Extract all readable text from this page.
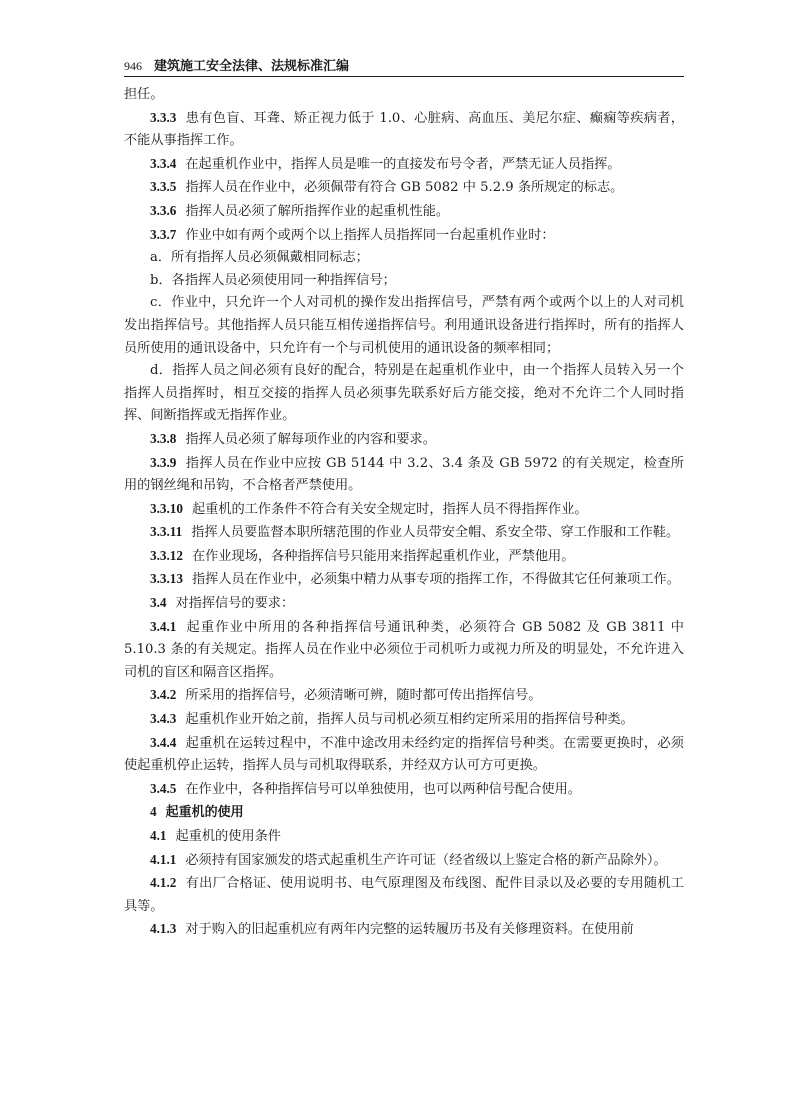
946 建筑施工安全法律、法规标准汇编

担任。

3.3.3 患有色盲、耳聋、矫正视力低于 1.0、心脏病、高血压、美尼尔症、癫痫等疾病者，不能从事指挥工作。

3.3.4 在起重机作业中，指挥人员是唯一的直接发布号令者，严禁无证人员指挥。

3.3.5 指挥人员在作业中，必须佩带有符合 GB 5082 中 5.2.9 条所规定的标志。

3.3.6 指挥人员必须了解所指挥作业的起重机性能。

3.3.7 作业中如有两个或两个以上指挥人员指挥同一台起重机作业时：

a．所有指挥人员必须佩戴相同标志；

b．各指挥人员必须使用同一种指挥信号；

c．作业中，只允许一个人对司机的操作发出指挥信号，严禁有两个或两个以上的人对司机发出指挥信号。其他指挥人员只能互相传递指挥信号。利用通讯设备进行指挥时，所有的指挥人员所使用的通讯设备中，只允许有一个与司机使用的通讯设备的频率相同；

d．指挥人员之间必须有良好的配合，特别是在起重机作业中，由一个指挥人员转入另一个指挥人员指挥时，相互交接的指挥人员必须事先联系好后方能交接，绝对不允许二个人同时指挥、间断指挥或无指挥作业。

3.3.8 指挥人员必须了解每项作业的内容和要求。

3.3.9 指挥人员在作业中应按 GB 5144 中 3.2、3.4 条及 GB 5972 的有关规定，检查所用的钢丝绳和吊钩，不合格者严禁使用。

3.3.10 起重机的工作条件不符合有关安全规定时，指挥人员不得指挥作业。

3.3.11 指挥人员要监督本职所辖范围的作业人员带安全帽、系安全带、穿工作服和工作鞋。

3.3.12 在作业现场，各种指挥信号只能用来指挥起重机作业，严禁他用。

3.3.13 指挥人员在作业中，必须集中精力从事专项的指挥工作，不得做其它任何兼项工作。

3.4 对指挥信号的要求：

3.4.1 起重作业中所用的各种指挥信号通讯种类，必须符合 GB 5082 及 GB 3811 中 5.10.3 条的有关规定。指挥人员在作业中必须位于司机听力或视力所及的明显处，不允许进入司机的盲区和隔音区指挥。

3.4.2 所采用的指挥信号，必须清晰可辨，随时都可传出指挥信号。

3.4.3 起重机作业开始之前，指挥人员与司机必须互相约定所采用的指挥信号种类。

3.4.4 起重机在运转过程中，不准中途改用未经约定的指挥信号种类。在需要更换时，必须使起重机停止运转，指挥人员与司机取得联系，并经双方认可方可更换。

3.4.5 在作业中，各种指挥信号可以单独使用，也可以两种信号配合使用。

4 起重机的使用

4.1 起重机的使用条件

4.1.1 必须持有国家颁发的塔式起重机生产许可证（经省级以上鉴定合格的新产品除外）。

4.1.2 有出厂合格证、使用说明书、电气原理图及布线图、配件目录以及必要的专用随机工具等。

4.1.3 对于购入的旧起重机应有两年内完整的运转履历书及有关修理资料。在使用前
